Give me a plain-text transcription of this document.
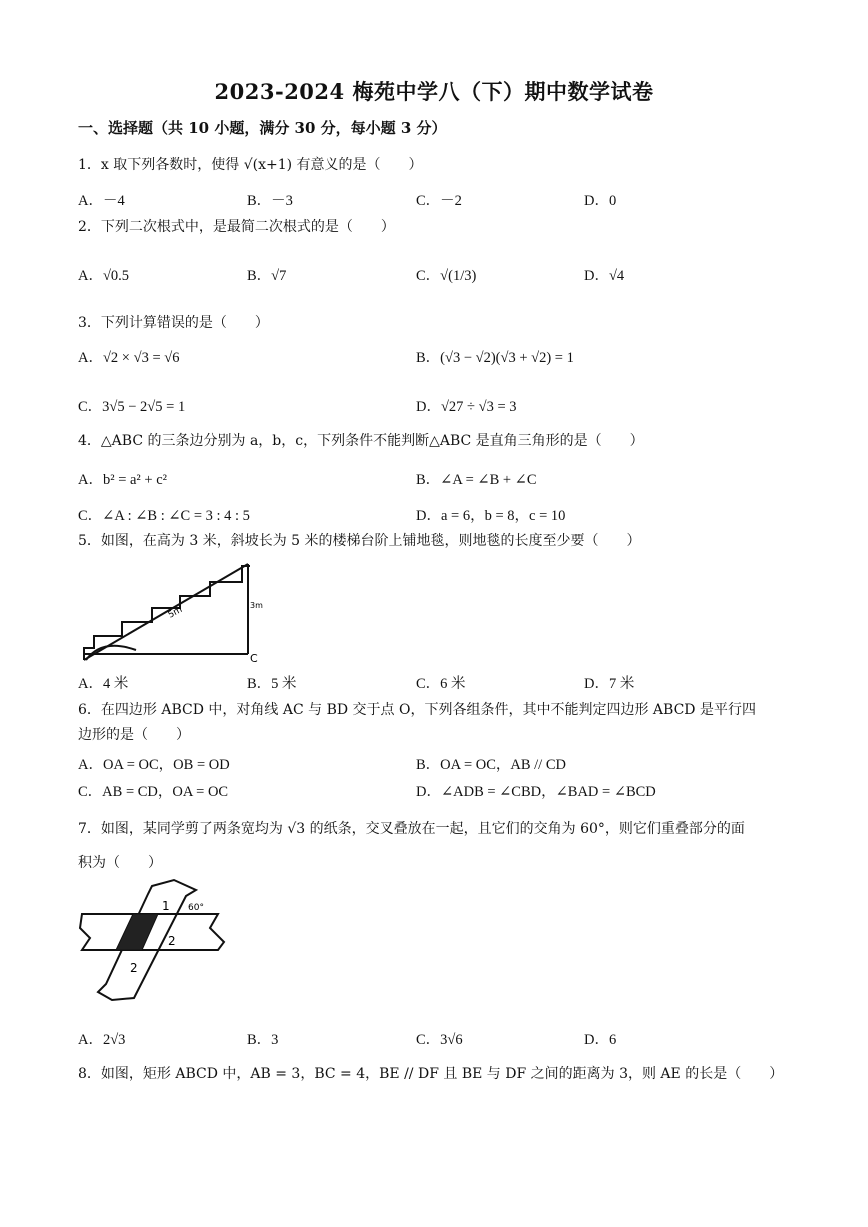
2023-2024 梅苑中学八（下）期中数学试卷
一、选择题（共 10 小题，满分 30 分，每小题 3 分）
1．x 取下列各数时，使得 √(x+1) 有意义的是（　　）
A．－4	B．－3	C．－2	D．0
2．下列二次根式中，是最简二次根式的是（　　）
A．√0.5	B．√7	C．√(1/3)	D．√4
3．下列计算错误的是（　　）
A．√2 × √3 = √6	B．(√3 − √2)(√3 + √2) = 1
C．3√5 − 2√5 = 1	D．√27 ÷ √3 = 3
4．△ABC 的三条边分别为 a，b，c，下列条件不能判断△ABC 是直角三角形的是（　　）
A．b² = a² + c²	B．∠A = ∠B + ∠C
C．∠A : ∠B : ∠C = 3 : 4 : 5	D．a = 6，b = 8，c = 10
5．如图，在高为 3 米，斜坡长为 5 米的楼梯台阶上铺地毯，则地毯的长度至少要（　　）
5m	3m
C
A．4 米	B．5 米	C．6 米	D．7 米
6．在四边形 ABCD 中，对角线 AC 与 BD 交于点 O，下列各组条件，其中不能判定四边形 ABCD 是平行四
边形的是（　　）
A．OA = OC，OB = OD	B．OA = OC，AB // CD
C．AB = CD，OA = OC	D．∠ADB = ∠CBD，∠BAD = ∠BCD
7．如图，某同学剪了两条宽均为 √3 的纸条，交叉叠放在一起，且它们的交角为 60°，则它们重叠部分的面
积为（　　）
1
2
2
60°
A．2√3	B．3	C．3√6	D．6
8．如图，矩形 ABCD 中，AB = 3，BC = 4，BE // DF 且 BE 与 DF 之间的距离为 3，则 AE 的长是（　　）
